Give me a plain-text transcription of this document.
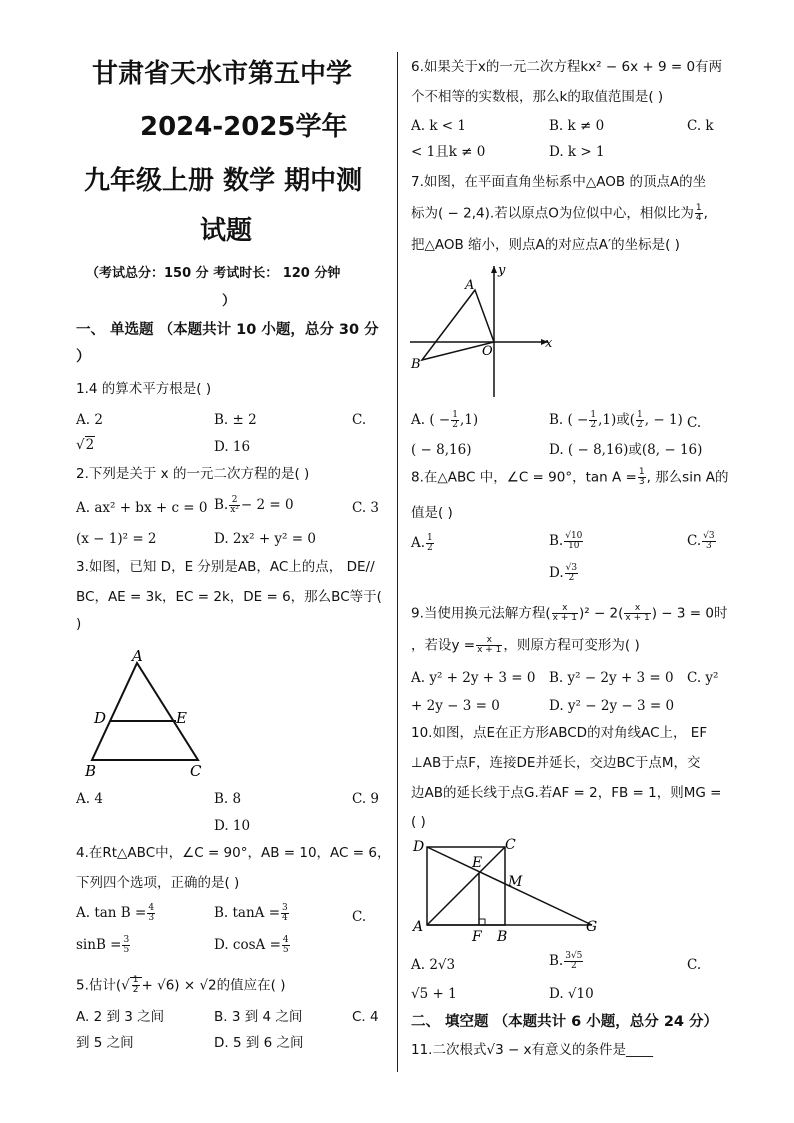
甘肃省天水市第五中学
2024-2025学年
九年级上册 数学 期中测
试题
（考试总分：150 分 考试时长： 120 分钟
）
一、 单选题 （本题共计 10 小题，总分 30 分
）
1.4 的算术平方根是( )
A. 2	B. ± 2	C.
√2	D. 16
2.下列是关于 x 的一元二次方程的是( )
A. ax² + bx + c = 0 B. $\frac{2}{\text{x²}} - 2 = 0$	C. 3
(x − 1)² = 2	D. 2x² + y² = 0
3.如图，已知 D，E 分别是AB，AC上的点， DE//
BC，AE = 3k，EC = 2k，DE = 6，那么BC等于(
)
A
D	E
B	C
A. 4	B. 8	C. 9
D. 10
4.在Rt△ABC中，∠C = 90°，AB = 10，AC = 6，
下列四个选项，正确的是( )
A. $\tan B = \frac{4}{3}$	B. $\tan A = \frac{3}{4}$	C.
$\sin B = \frac{3}{5}$	D. $\cos A = \frac{4}{5}$
5.估计(√ $\frac{1}{2} + √6) \times √2$的值应在( )
A. 2 到 3 之间	B. 3 到 4 之间	C. 4
到 5 之间	D. 5 到 6 之间
6.如果关于x的一元二次方程kx² − 6x + 9 = 0有两
个不相等的实数根，那么k的取值范围是( )
A. k < 1	B. k ≠ 0	C. k
< 1且k ≠ 0	D. k > 1
7.如图，在平面直角坐标系中△AOB 的顶点A的坐
标为( − 2,4).若以原点O为位似中心，相似比为 $\frac{1}{4}$ ,
把△AOB 缩小，则点A的对应点A′的坐标是( )
A
B
O
x
y
A. ( − $\frac{1}{2} ,1$)	B. ( − $\frac{1}{2} ,1$)或( $\frac{1}{2}$ , − 1) C.
( − 8,16)	D. ( − 8,16)或(8, − 16)
8.在△ABC 中，∠C = 90°，$\tan A = \frac{1}{3}$ , 那么sin A的
值是( )
A. $\frac{1}{2}$	B. $\frac{√10}{10}$	C. $\frac{√3}{3}$
D. $\frac{√3}{2}$
9.当使用换元法解方程( $\frac{x}{x + 1} )^2 - 2( \frac{x}{x + 1}$ ) − 3 = 0时
，若设$y = \frac{x}{x + 1}$ ，则原方程可变形为( )
A. y² + 2y + 3 = 0 B. y² − 2y + 3 = 0 C. y²
+ 2y − 3 = 0	D. y² − 2y − 3 = 0
10.如图，点E在正方形ABCD的对角线AC上， EF
⊥AB于点F，连接DE并延长，交边BC于点M，交
边AB的延长线于点G.若AF = 2，FB = 1，则MG =
( )
D	C
E
M
A
F B
G
A. 2√3	B. $\frac{3√5}{2}$	C.
√5 + 1	D. √10
二、 填空题 （本题共计 6 小题，总分 24 分）
11.二次根式√3 − x有意义的条件是____
